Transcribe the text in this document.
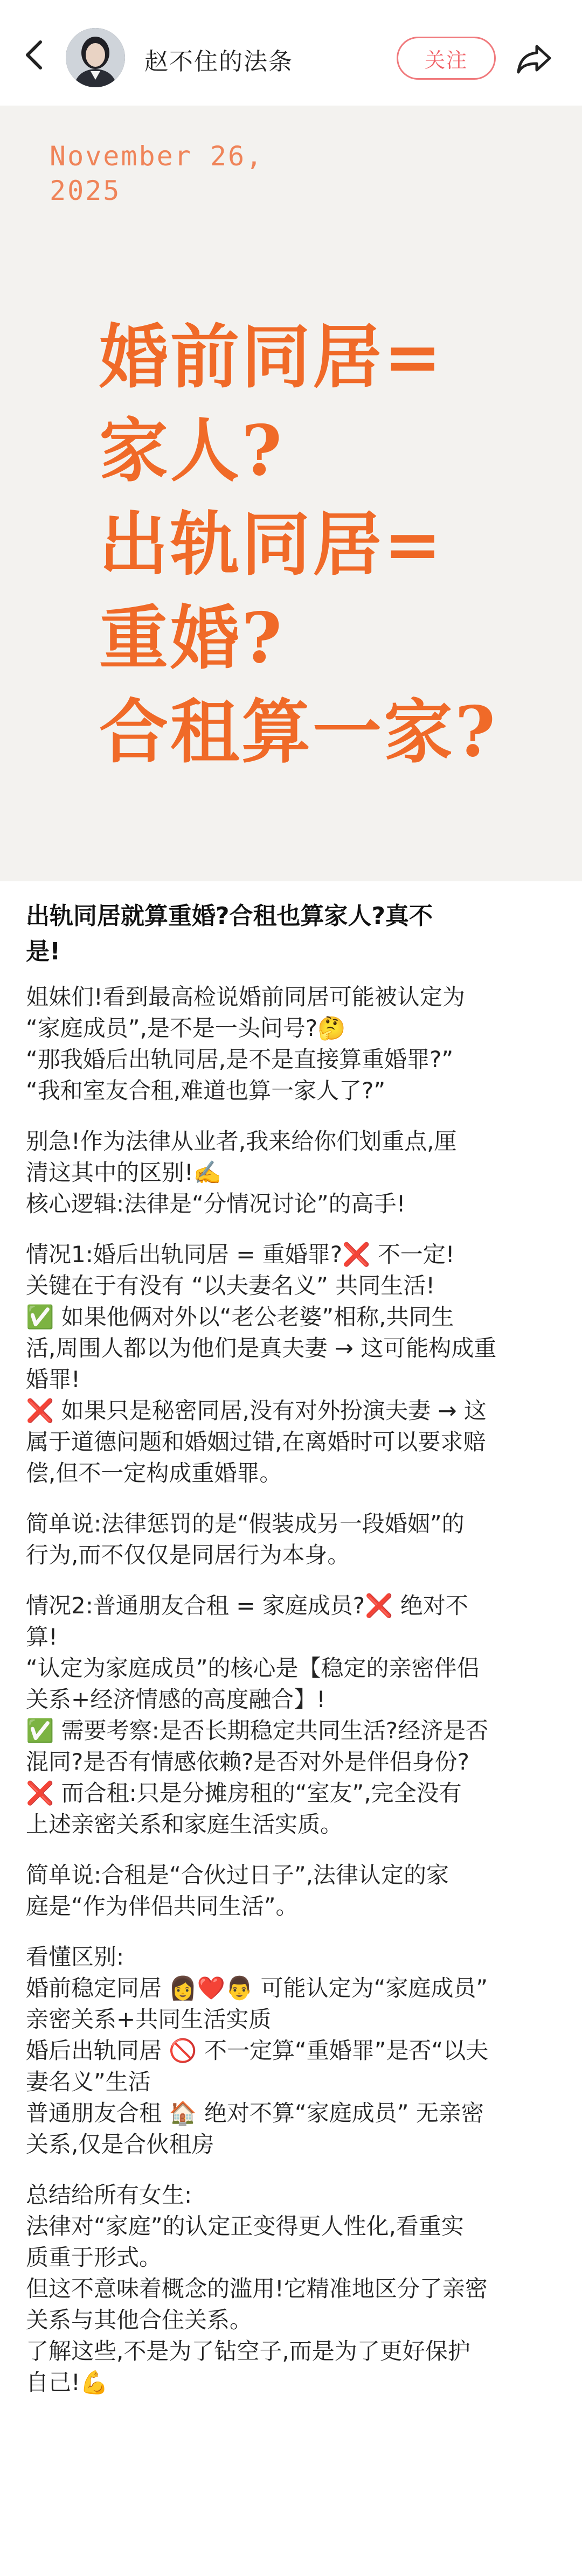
赵不住的法条	关注
November 26,
2025
婚前同居=
家人?
出轨同居=
重婚?
合租算一家?
出轨同居就算重婚?合租也算家人?真不
是!
姐妹们!看到最高检说婚前同居可能被认定为
“家庭成员”,是不是一头问号?🤔
“那我婚后出轨同居,是不是直接算重婚罪?”
“我和室友合租,难道也算一家人了?”
别急!作为法律从业者,我来给你们划重点,厘
清这其中的区别!✍️
核心逻辑:法律是“分情况讨论”的高手!
情况1:婚后出轨同居 = 重婚罪?❌ 不一定!
关键在于有没有 “以夫妻名义” 共同生活!
✅ 如果他俩对外以“老公老婆”相称,共同生
活,周围人都以为他们是真夫妻 → 这可能构成重
婚罪!
❌ 如果只是秘密同居,没有对外扮演夫妻 → 这
属于道德问题和婚姻过错,在离婚时可以要求赔
偿,但不一定构成重婚罪。
简单说:法律惩罚的是“假装成另一段婚姻”的
行为,而不仅仅是同居行为本身。
情况2:普通朋友合租 = 家庭成员?❌ 绝对不
算!
“认定为家庭成员”的核心是【稳定的亲密伴侣
关系+经济情感的高度融合】!
✅ 需要考察:是否长期稳定共同生活?经济是否
混同?是否有情感依赖?是否对外是伴侣身份?
❌ 而合租:只是分摊房租的“室友”,完全没有
上述亲密关系和家庭生活实质。
简单说:合租是“合伙过日子”,法律认定的家
庭是“作为伴侣共同生活”。
看懂区别:
婚前稳定同居 👩❤️👨 可能认定为“家庭成员”
亲密关系+共同生活实质
婚后出轨同居 🚫 不一定算“重婚罪”是否“以夫
妻名义”生活
普通朋友合租 🏠 绝对不算“家庭成员” 无亲密
关系,仅是合伙租房
总结给所有女生:
法律对“家庭”的认定正变得更人性化,看重实
质重于形式。
但这不意味着概念的滥用!它精准地区分了亲密
关系与其他合住关系。
了解这些,不是为了钻空子,而是为了更好保护
自己!💪
